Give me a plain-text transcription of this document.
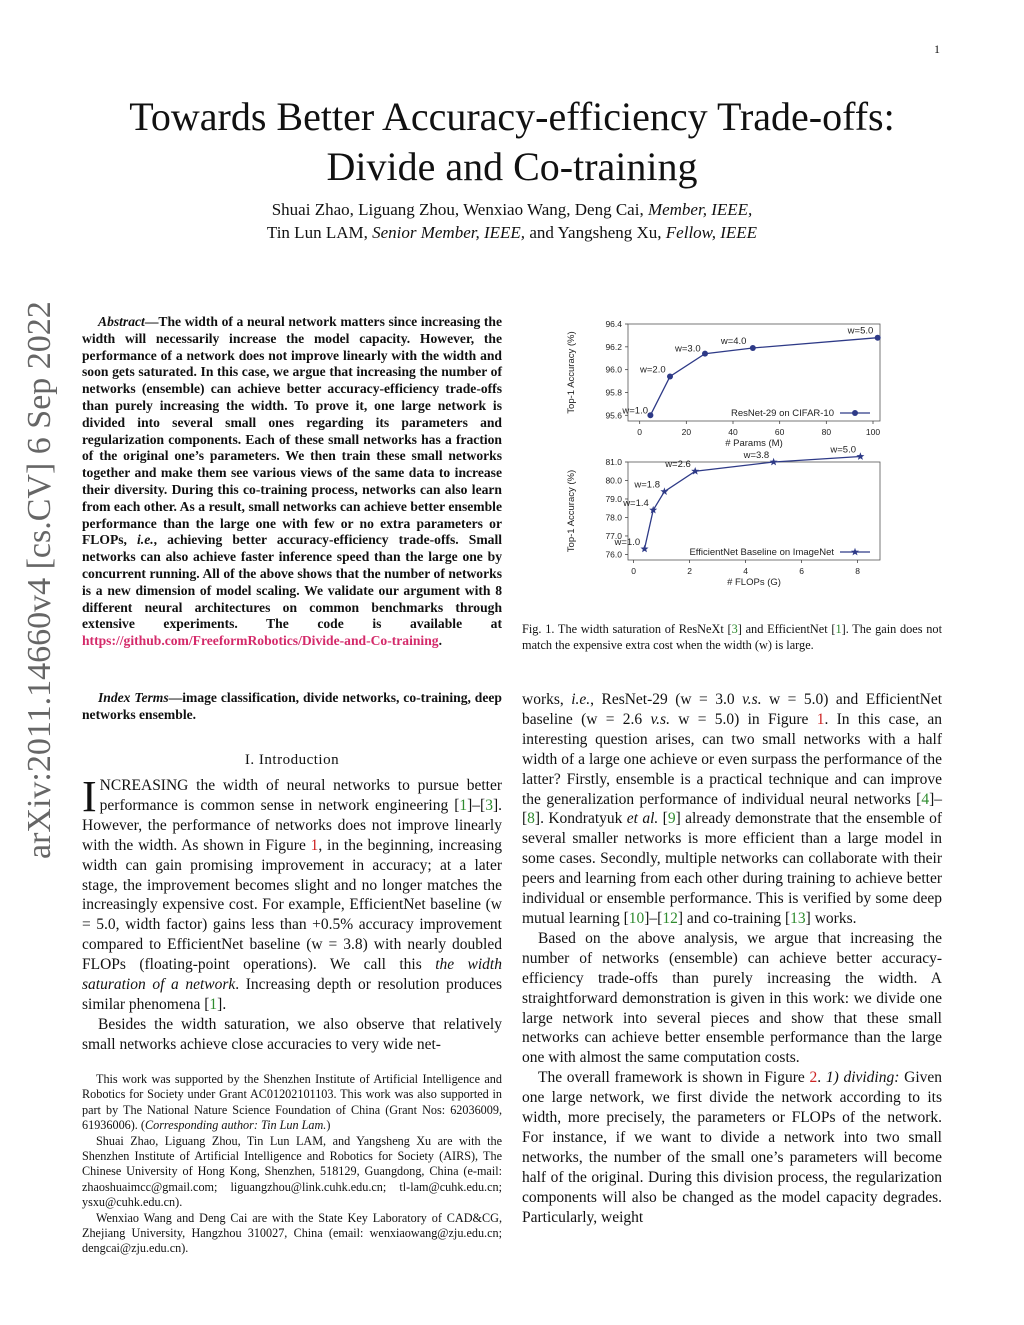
1
arXiv:2011.14660v4 [cs.CV] 6 Sep 2022
Towards Better Accuracy-efficiency Trade-offs:
Divide and Co-training
Shuai Zhao, Liguang Zhou, Wenxiao Wang, Deng Cai, Member, IEEE,
Tin Lun LAM, Senior Member, IEEE, and Yangsheng Xu, Fellow, IEEE
Abstract—The width of a neural network matters since increasing the width will necessarily increase the model capacity. However, the performance of a network does not improve linearly with the width and soon gets saturated. In this case, we argue that increasing the number of networks (ensemble) can achieve better accuracy-efficiency trade-offs than purely increasing the width. To prove it, one large network is divided into several small ones regarding its parameters and regularization components. Each of these small networks has a fraction of the original one’s parameters. We then train these small networks together and make them see various views of the same data to increase their diversity. During this co-training process, networks can also learn from each other. As a result, small networks can achieve better ensemble performance than the large one with few or no extra parameters or FLOPs, i.e., achieving better accuracy-efficiency trade-offs. Small networks can also achieve faster inference speed than the large one by concurrent running. All of the above shows that the number of networks is a new dimension of model scaling. We validate our argument with 8 different neural architectures on common benchmarks through extensive experiments. The code is available at https://github.com/FreeformRobotics/Divide-and-Co-training.
Index Terms—image classification, divide networks, co-training, deep networks ensemble.
I. Introduction

INCREASING the width of neural networks to pursue better performance is common sense in network engineering [1]–[3]. However, the performance of networks does not improve linearly with the width. As shown in Figure 1, in the beginning, increasing width can gain promising improvement in accuracy; at a later stage, the improvement becomes slight and no longer matches the increasingly expensive cost. For example, EfficientNet baseline (w = 5.0, width factor) gains less than +0.5% accuracy improvement compared to EfficientNet baseline (w = 3.8) with nearly doubled FLOPs (floating-point operations). We call this the width saturation of a network. Increasing depth or resolution produces similar phenomena [1].

Besides the width saturation, we also observe that relatively small networks achieve close accuracies to very wide net-

This work was supported by the Shenzhen Institute of Artificial Intelligence and Robotics for Society under Grant AC01202101103. This work was also supported in part by The National Nature Science Foundation of China (Grant Nos: 62036009, 61936006). (Corresponding author: Tin Lun Lam.)

Shuai Zhao, Liguang Zhou, Tin Lun LAM, and Yangsheng Xu are with the Shenzhen Institute of Artificial Intelligence and Robotics for Society (AIRS), The Chinese University of Hong Kong, Shenzhen, 518129, Guangdong, China (e-mail: zhaoshuaimcc@gmail.com; liguangzhou@link.cuhk.edu.cn; tl-lam@cuhk.edu.cn; ysxu@cuhk.edu.cn).

Wenxiao Wang and Deng Cai are with the State Key Laboratory of CAD&CG, Zhejiang University, Hangzhou 310027, China (email: wenxiaowang@zju.edu.cn; dengcai@zju.edu.cn).

95.6
95.8
96.0
96.2
96.4
0	20	40	60	80	100
# Params (M)
Top-1 Accuracy (%)	w=1.0
w=2.0
w=3.0
w=4.0
w=5.0
ResNet-29 on CIFAR-10
76.0
77.0
78.0
79.0
80.0
81.0
0	2	4	6	8
# FLOPs (G)
Top-1 Accuracy (%)	w=1.0
w=1.4
w=1.8
w=2.6
w=3.8
w=5.0
EfficientNet Baseline on ImageNet
Fig. 1. The width saturation of ResNeXt [3] and EfficientNet [1]. The gain does not match the expensive extra cost when the width (w) is large.

works, i.e., ResNet-29 (w = 3.0 v.s. w = 5.0) and EfficientNet baseline (w = 2.6 v.s. w = 5.0) in Figure 1. In this case, an interesting question arises, can two small networks with a half width of a large one achieve or even surpass the performance of the latter? Firstly, ensemble is a practical technique and can improve the generalization performance of individual neural networks [4]–[8]. Kondratyuk et al. [9] already demonstrate that the ensemble of several smaller networks is more efficient than a large model in some cases. Secondly, multiple networks can collaborate with their peers and learning from each other during training to achieve better individual or ensemble performance. This is verified by some deep mutual learning [10]–[12] and co-training [13] works.

Based on the above analysis, we argue that increasing the number of networks (ensemble) can achieve better accuracy-efficiency trade-offs than purely increasing the width. A straightforward demonstration is given in this work: we divide one large network into several pieces and show that these small networks can achieve better ensemble performance than the large one with almost the same computation costs.

The overall framework is shown in Figure 2. 1) dividing: Given one large network, we first divide the network according to its width, more precisely, the parameters or FLOPs of the network. For instance, if we want to divide a network into two small networks, the number of the small one’s parameters will become half of the original. During this division process, the regularization components will also be changed as the model capacity degrades. Particularly, weight
